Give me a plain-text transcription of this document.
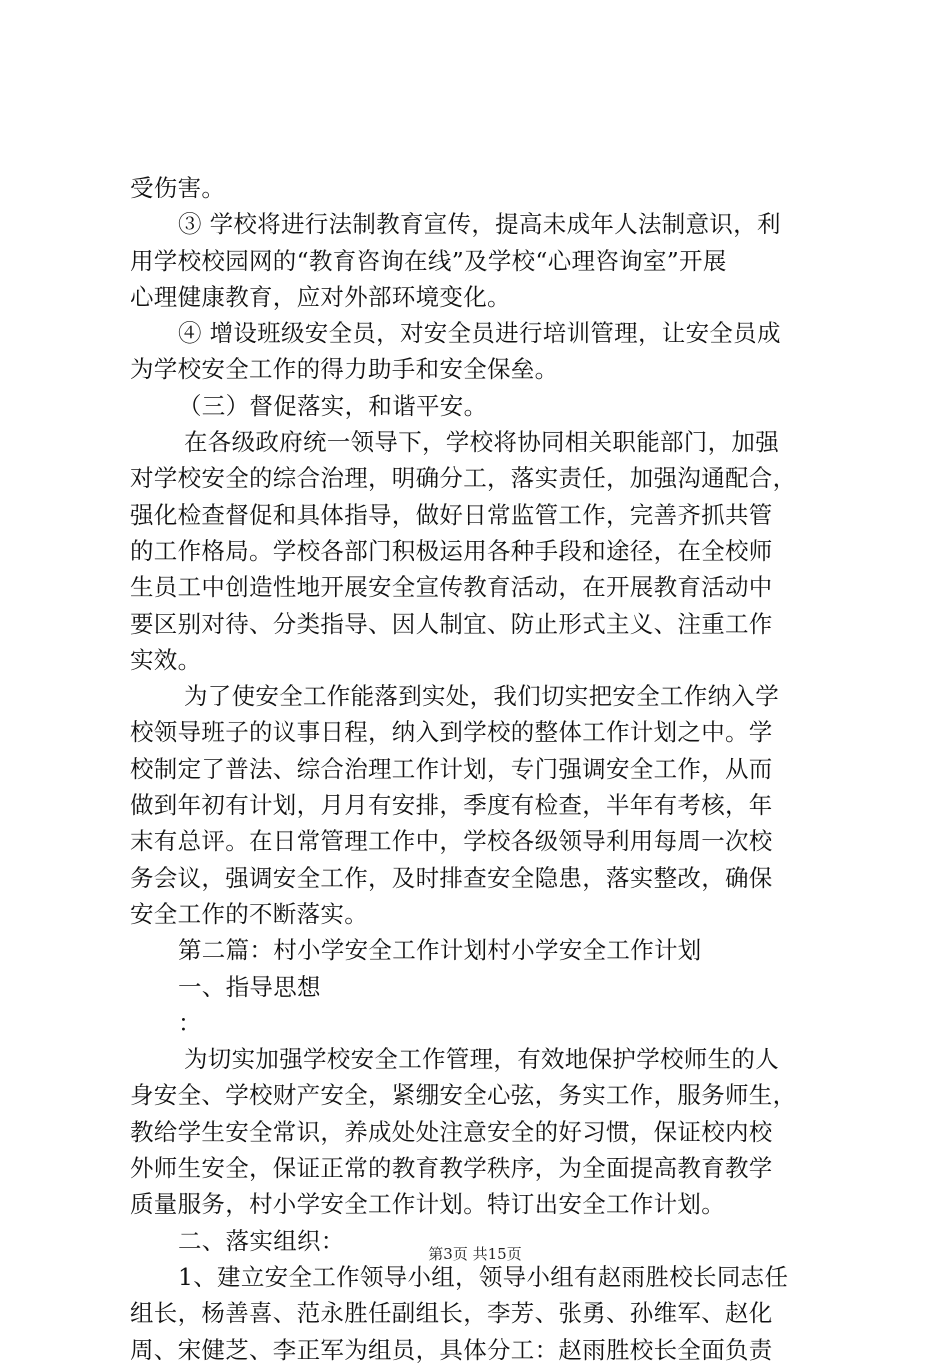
受伤害。
③ 学校将进行法制教育宣传，提高未成年人法制意识，利
用学校校园网的“教育咨询在线”及学校“心理咨询室”开展
心理健康教育，应对外部环境变化。
④ 增设班级安全员，对安全员进行培训管理，让安全员成
为学校安全工作的得力助手和安全保垒。
（三）督促落实，和谐平安。
在各级政府统一领导下，学校将协同相关职能部门，加强
对学校安全的综合治理，明确分工，落实责任，加强沟通配合，
强化检查督促和具体指导，做好日常监管工作，完善齐抓共管
的工作格局。学校各部门积极运用各种手段和途径，在全校师
生员工中创造性地开展安全宣传教育活动，在开展教育活动中
要区别对待、分类指导、因人制宜、防止形式主义、注重工作
实效。
为了使安全工作能落到实处，我们切实把安全工作纳入学
校领导班子的议事日程，纳入到学校的整体工作计划之中。学
校制定了普法、综合治理工作计划，专门强调安全工作，从而
做到年初有计划，月月有安排，季度有检查，半年有考核，年
末有总评。在日常管理工作中，学校各级领导利用每周一次校
务会议，强调安全工作，及时排查安全隐患，落实整改，确保
安全工作的不断落实。
第二篇：村小学安全工作计划村小学安全工作计划
一、指导思想
：
为切实加强学校安全工作管理，有效地保护学校师生的人
身安全、学校财产安全，紧绷安全心弦，务实工作，服务师生，
教给学生安全常识，养成处处注意安全的好习惯，保证校内校
外师生安全，保证正常的教育教学秩序，为全面提高教育教学
质量服务，村小学安全工作计划。特订出安全工作计划。
二、落实组织：
1、建立安全工作领导小组，领导小组有赵雨胜校长同志任
组长，杨善喜、范永胜任副组长，李芳、张勇、孙维军、赵化
周、宋健芝、李正军为组员，具体分工：赵雨胜校长全面负责
第3页 共15页
